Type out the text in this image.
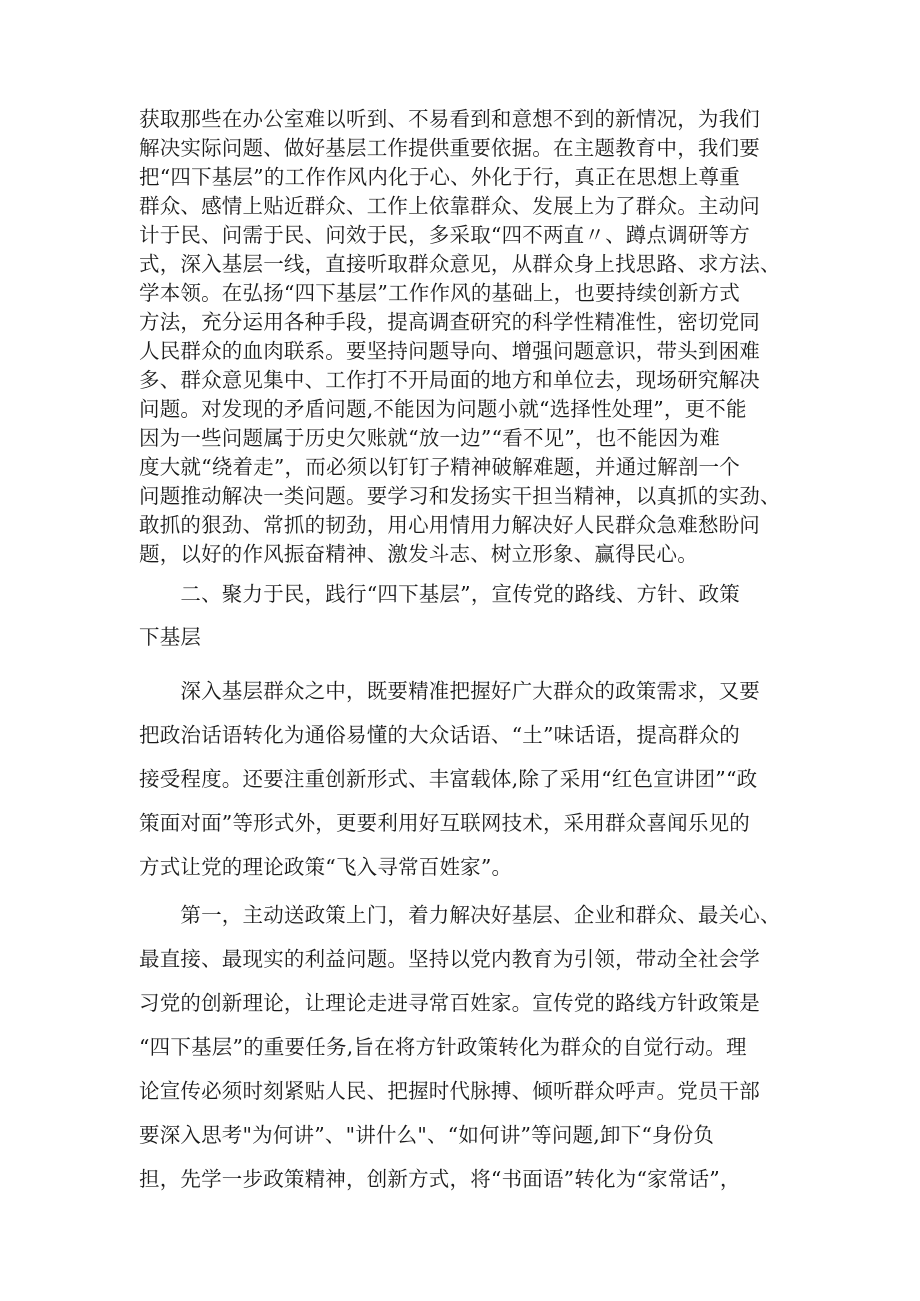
获取那些在办公室难以听到、不易看到和意想不到的新情况，为我们
解决实际问题、做好基层工作提供重要依据。在主题教育中，我们要
把“四下基层”的工作作风内化于心、外化于行，真正在思想上尊重
群众、感情上贴近群众、工作上依靠群众、发展上为了群众。主动问
计于民、问需于民、问效于民，多采取“四不两直〃、蹲点调研等方
式，深入基层一线，直接听取群众意见，从群众身上找思路、求方法、
学本领。在弘扬“四下基层”工作作风的基础上，也要持续创新方式
方法，充分运用各种手段，提高调查研究的科学性精准性，密切党同
人民群众的血肉联系。要坚持问题导向、增强问题意识，带头到困难
多、群众意见集中、工作打不开局面的地方和单位去，现场研究解决
问题。对发现的矛盾问题,不能因为问题小就“选择性处理”，更不能
因为一些问题属于历史欠账就“放一边”“看不见”，也不能因为难
度大就“绕着走”，而必须以钉钉子精神破解难题，并通过解剖一个
问题推动解决一类问题。要学习和发扬实干担当精神，以真抓的实劲、
敢抓的狠劲、常抓的韧劲，用心用情用力解决好人民群众急难愁盼问
题，以好的作风振奋精神、激发斗志、树立形象、赢得民心。
　　二、聚力于民，践行“四下基层”，宣传党的路线、方针、政策
下基层
　　深入基层群众之中，既要精准把握好广大群众的政策需求，又要
把政治话语转化为通俗易懂的大众话语、“土”味话语，提高群众的
接受程度。还要注重创新形式、丰富载体,除了采用“红色宣讲团”“政
策面对面”等形式外，更要利用好互联网技术，采用群众喜闻乐见的
方式让党的理论政策“飞入寻常百姓家”。
　　第一，主动送政策上门，着力解决好基层、企业和群众、最关心、
最直接、最现实的利益问题。坚持以党内教育为引领，带动全社会学
习党的创新理论，让理论走进寻常百姓家。宣传党的路线方针政策是
“四下基层”的重要任务,旨在将方针政策转化为群众的自觉行动。理
论宣传必须时刻紧贴人民、把握时代脉搏、倾听群众呼声。党员干部
要深入思考"为何讲”、"讲什么"、“如何讲”等问题,卸下“身份负
担，先学一步政策精神，创新方式，将“书面语”转化为“家常话”，
